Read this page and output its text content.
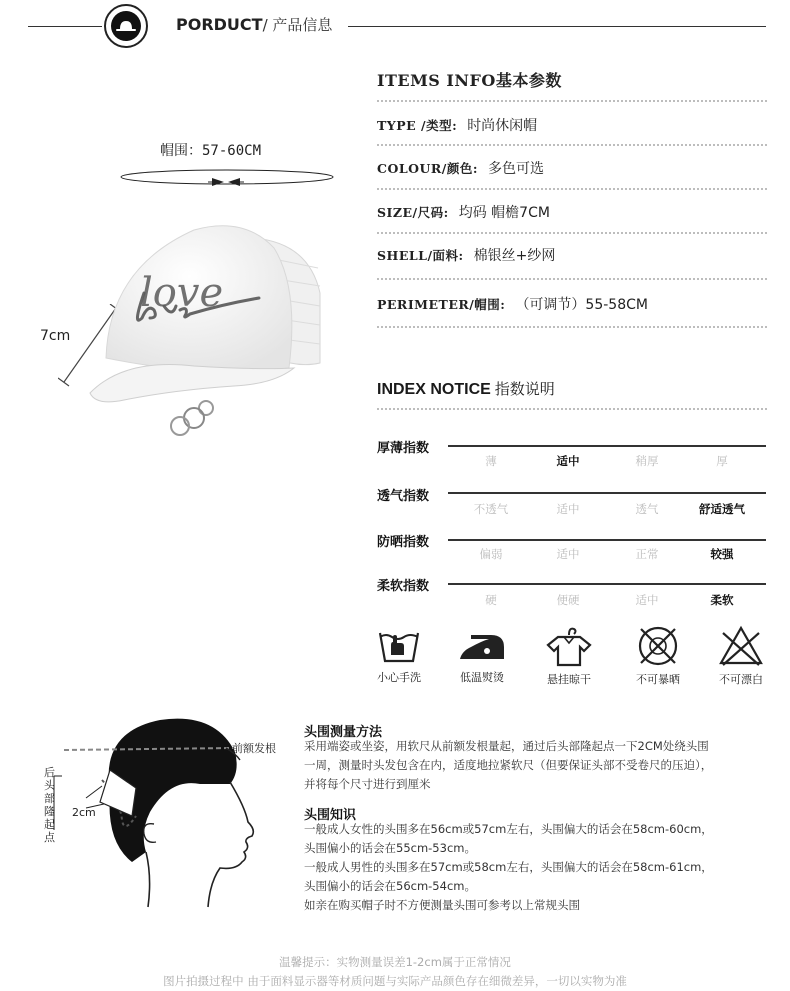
PORDUCT/ 产品信息
帽围：57-60CM
7cm
love
ITEMS INFO基本参数
TYPE /类型: 时尚休闲帽
COLOUR/颜色: 多色可选
SIZE/尺码: 均码 帽檐7CM
SHELL/面料: 棉银丝+纱网
PERIMETER/帽围: （可调节）55-58CM
INDEX NOTICE 指数说明
厚薄指数
薄	适中	稍厚	厚
透气指数
不透气	适中	透气	舒适透气
防晒指数
偏弱	适中	正常	较强
柔软指数
硬	便硬	适中	柔软
小心手洗	低温熨烫	悬挂晾干	不可暴晒	不可漂白
前额发根
后头部隆起点
2cm
头围测量方法
采用端姿或坐姿，用软尺从前额发根量起，通过后头部隆起点一下2CM处绕头围
一周，测量时头发包含在内，适度地拉紧软尺（但要保证头部不受卷尺的压迫），
并将每个尺寸进行到厘米
头围知识
一般成人女性的头围多在56cm或57cm左右，头围偏大的话会在58cm-60cm，
头围偏小的话会在55cm-53cm。
一般成人男性的头围多在57cm或58cm左右，头围偏大的话会在58cm-61cm，
头围偏小的话会在56cm-54cm。
如亲在购买帽子时不方便测量头围可参考以上常规头围
温馨提示：实物测量误差1-2cm属于正常情况
图片拍摄过程中 由于面料显示器等材质问题与实际产品颜色存在细微差异，一切以实物为准
